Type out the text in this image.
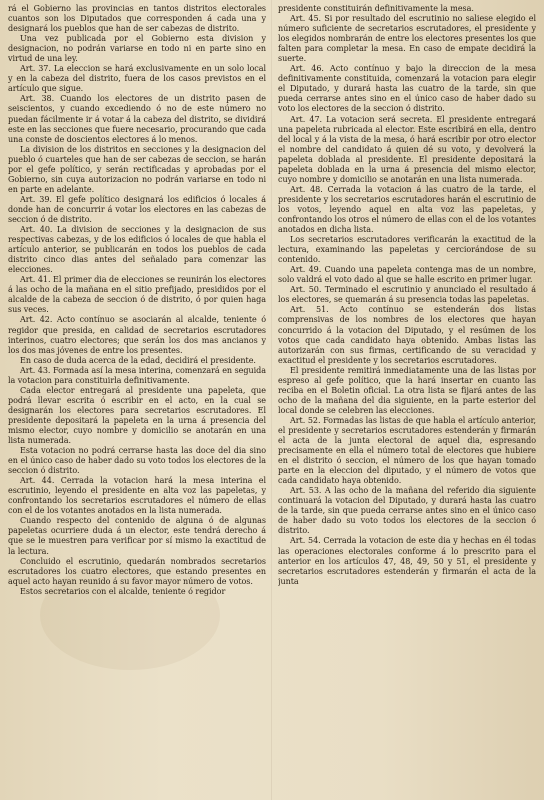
rá el Gobierno las provincias en tantos distritos electorales cuantos son los Diputados que corresponden á cada una y designará los pueblos que han de ser cabezas de distrito.

Una vez publicada por el Gobierno esta division y designacion, no podrán variarse en todo ni en parte sino en virtud de una ley.

Art. 37. La eleccion se hará exclusivamente en un solo local y en la cabeza del distrito, fuera de los casos previstos en el artículo que sigue.

Art. 38. Cuando los electores de un distrito pasen de seiscientos, y cuando excediendo ó no de este número no puedan fácilmente ir á votar á la cabeza del distrito, se dividirá este en las secciones que fuere necesario, procurando que cada una conste de doscientos electores á lo menos.

La division de los distritos en secciones y la designacion del pueblo ó cuarteles que han de ser cabezas de seccion, se harán por el gefe político, y serán rectificadas y aprobadas por el Gobierno, sin cuya autorizacion no podrán variarse en todo ni en parte en adelante.

Art. 39. El gefe político designará los edificios ó locales á donde han de concurrir á votar los electores en las cabezas de seccion ó de distrito.

Art. 40. La division de secciones y la designacion de sus respectivas cabezas, y de los edificios ó locales de que habla el artículo anterior, se publicarán en todos los pueblos de cada distrito cinco dias antes del señalado para comenzar las elecciones.

Art. 41. El primer dia de elecciones se reunirán los electores á las ocho de la mañana en el sitio prefijado, presididos por el alcalde de la cabeza de seccion ó de distrito, ó por quien haga sus veces.

Art. 42. Acto contínuo se asociarán al alcalde, teniente ó regidor que presida, en calidad de secretarios escrutadores interinos, cuatro electores; que serán los dos mas ancianos y los dos mas jóvenes de entre los presentes.

En caso de duda acerca de la edad, decidirá el presidente.

Art. 43. Formada así la mesa interina, comenzará en seguida la votacion para constituirla definitivamente.

Cada elector entregará al presidente una papeleta, que podrá llevar escrita ó escribir en el acto, en la cual se designarán los electores para secretarios escrutadores. El presidente depositará la papeleta en la urna á presencia del mismo elector, cuyo nombre y domicilio se anotarán en una lista numerada.

Esta votacion no podrá cerrarse hasta las doce del dia sino en el único caso de haber dado su voto todos los electores de la seccion ó distrito.

Art. 44. Cerrada la votacion hará la mesa interina el escrutinio, leyendo el presidente en alta voz las papeletas, y confrontando los secretarios escrutadores el número de ellas con el de los votantes anotados en la lista numerada.

Cuando respecto del contenido de alguna ó de algunas papeletas ocurriere duda á un elector, este tendrá derecho á que se le muestren para verificar por sí mismo la exactitud de la lectura.

Concluido el escrutinio, quedarán nombrados secretarios escrutadores los cuatro electores, que estando presentes en aquel acto hayan reunido á su favor mayor número de votos.

Estos secretarios con el alcalde, teniente ó regidor

presidente constituirán definitivamente la mesa.

Art. 45. Si por resultado del escrutinio no saliese elegido el número suficiente de secretarios escrutadores, el presidente y los elegidos nombrarán de entre los electores presentes los que falten para completar la mesa. En caso de empate decidirá la suerte.

Art. 46. Acto contínuo y bajo la direccion de la mesa definitivamente constituida, comenzará la votacion para elegir el Diputado, y durará hasta las cuatro de la tarde, sin que pueda cerrarse antes sino en el único caso de haber dado su voto los electores de la seccion ó distrito.

Art. 47. La votacion será secreta. El presidente entregará una papeleta rubricada al elector. Este escribirá en ella, dentro del local y á la vista de la mesa, ó hará escribir por otro elector el nombre del candidato á quien dé su voto, y devolverá la papeleta doblada al presidente. El presidente depositará la papeleta doblada en la urna á presencia del mismo elector, cuyo nombre y domicilio se anotarán en una lista numerada.

Art. 48. Cerrada la votacion á las cuatro de la tarde, el presidente y los secretarios escrutadores harán el escrutinio de los votos, leyendo aquel en alta voz las papeletas, y confrontando los otros el número de ellas con el de los votantes anotados en dicha lista.

Los secretarios escrutadores verificarán la exactitud de la lectura, examinando las papeletas y cerciorándose de su contenido.

Art. 49. Cuando una papeleta contenga mas de un nombre, solo valdrá el voto dado al que se halle escrito en primer lugar.

Art. 50. Terminado el escrutinio y anunciado el resultado á los electores, se quemarán á su presencia todas las papeletas.

Art. 51. Acto contínuo se estenderán dos listas comprensivas de los nombres de los electores que hayan concurrido á la votacion del Diputado, y el resúmen de los votos que cada candidato haya obtenido. Ambas listas las autorizarán con sus firmas, certificando de su veracidad y exactitud el presidente y los secretarios escrutadores.

El presidente remitirá inmediatamente una de las listas por espreso al gefe político, que la hará insertar en cuanto las reciba en el Boletin oficial. La otra lista se fijará antes de las ocho de la mañana del dia siguiente, en la parte esterior del local donde se celebren las elecciones.

Art. 52. Formadas las listas de que habla el artículo anterior, el presidente y secretarios escrutadores estenderán y firmarán el acta de la junta electoral de aquel dia, espresando precisamente en ella el número total de electores que hubiere en el distrito ó seccion, el número de los que hayan tomado parte en la eleccion del diputado, y el número de votos que cada candidato haya obtenido.

Art. 53. A las ocho de la mañana del referido dia siguiente continuará la votacion del Diputado, y durará hasta las cuatro de la tarde, sin que pueda cerrarse antes sino en el único caso de haber dado su voto todos los electores de la seccion ó distrito.

Art. 54. Cerrada la votacion de este dia y hechas en él todas las operaciones electorales conforme á lo prescrito para el anterior en los artículos 47, 48, 49, 50 y 51, el presidente y secretarios escrutadores estenderán y firmarán el acta de la junta
